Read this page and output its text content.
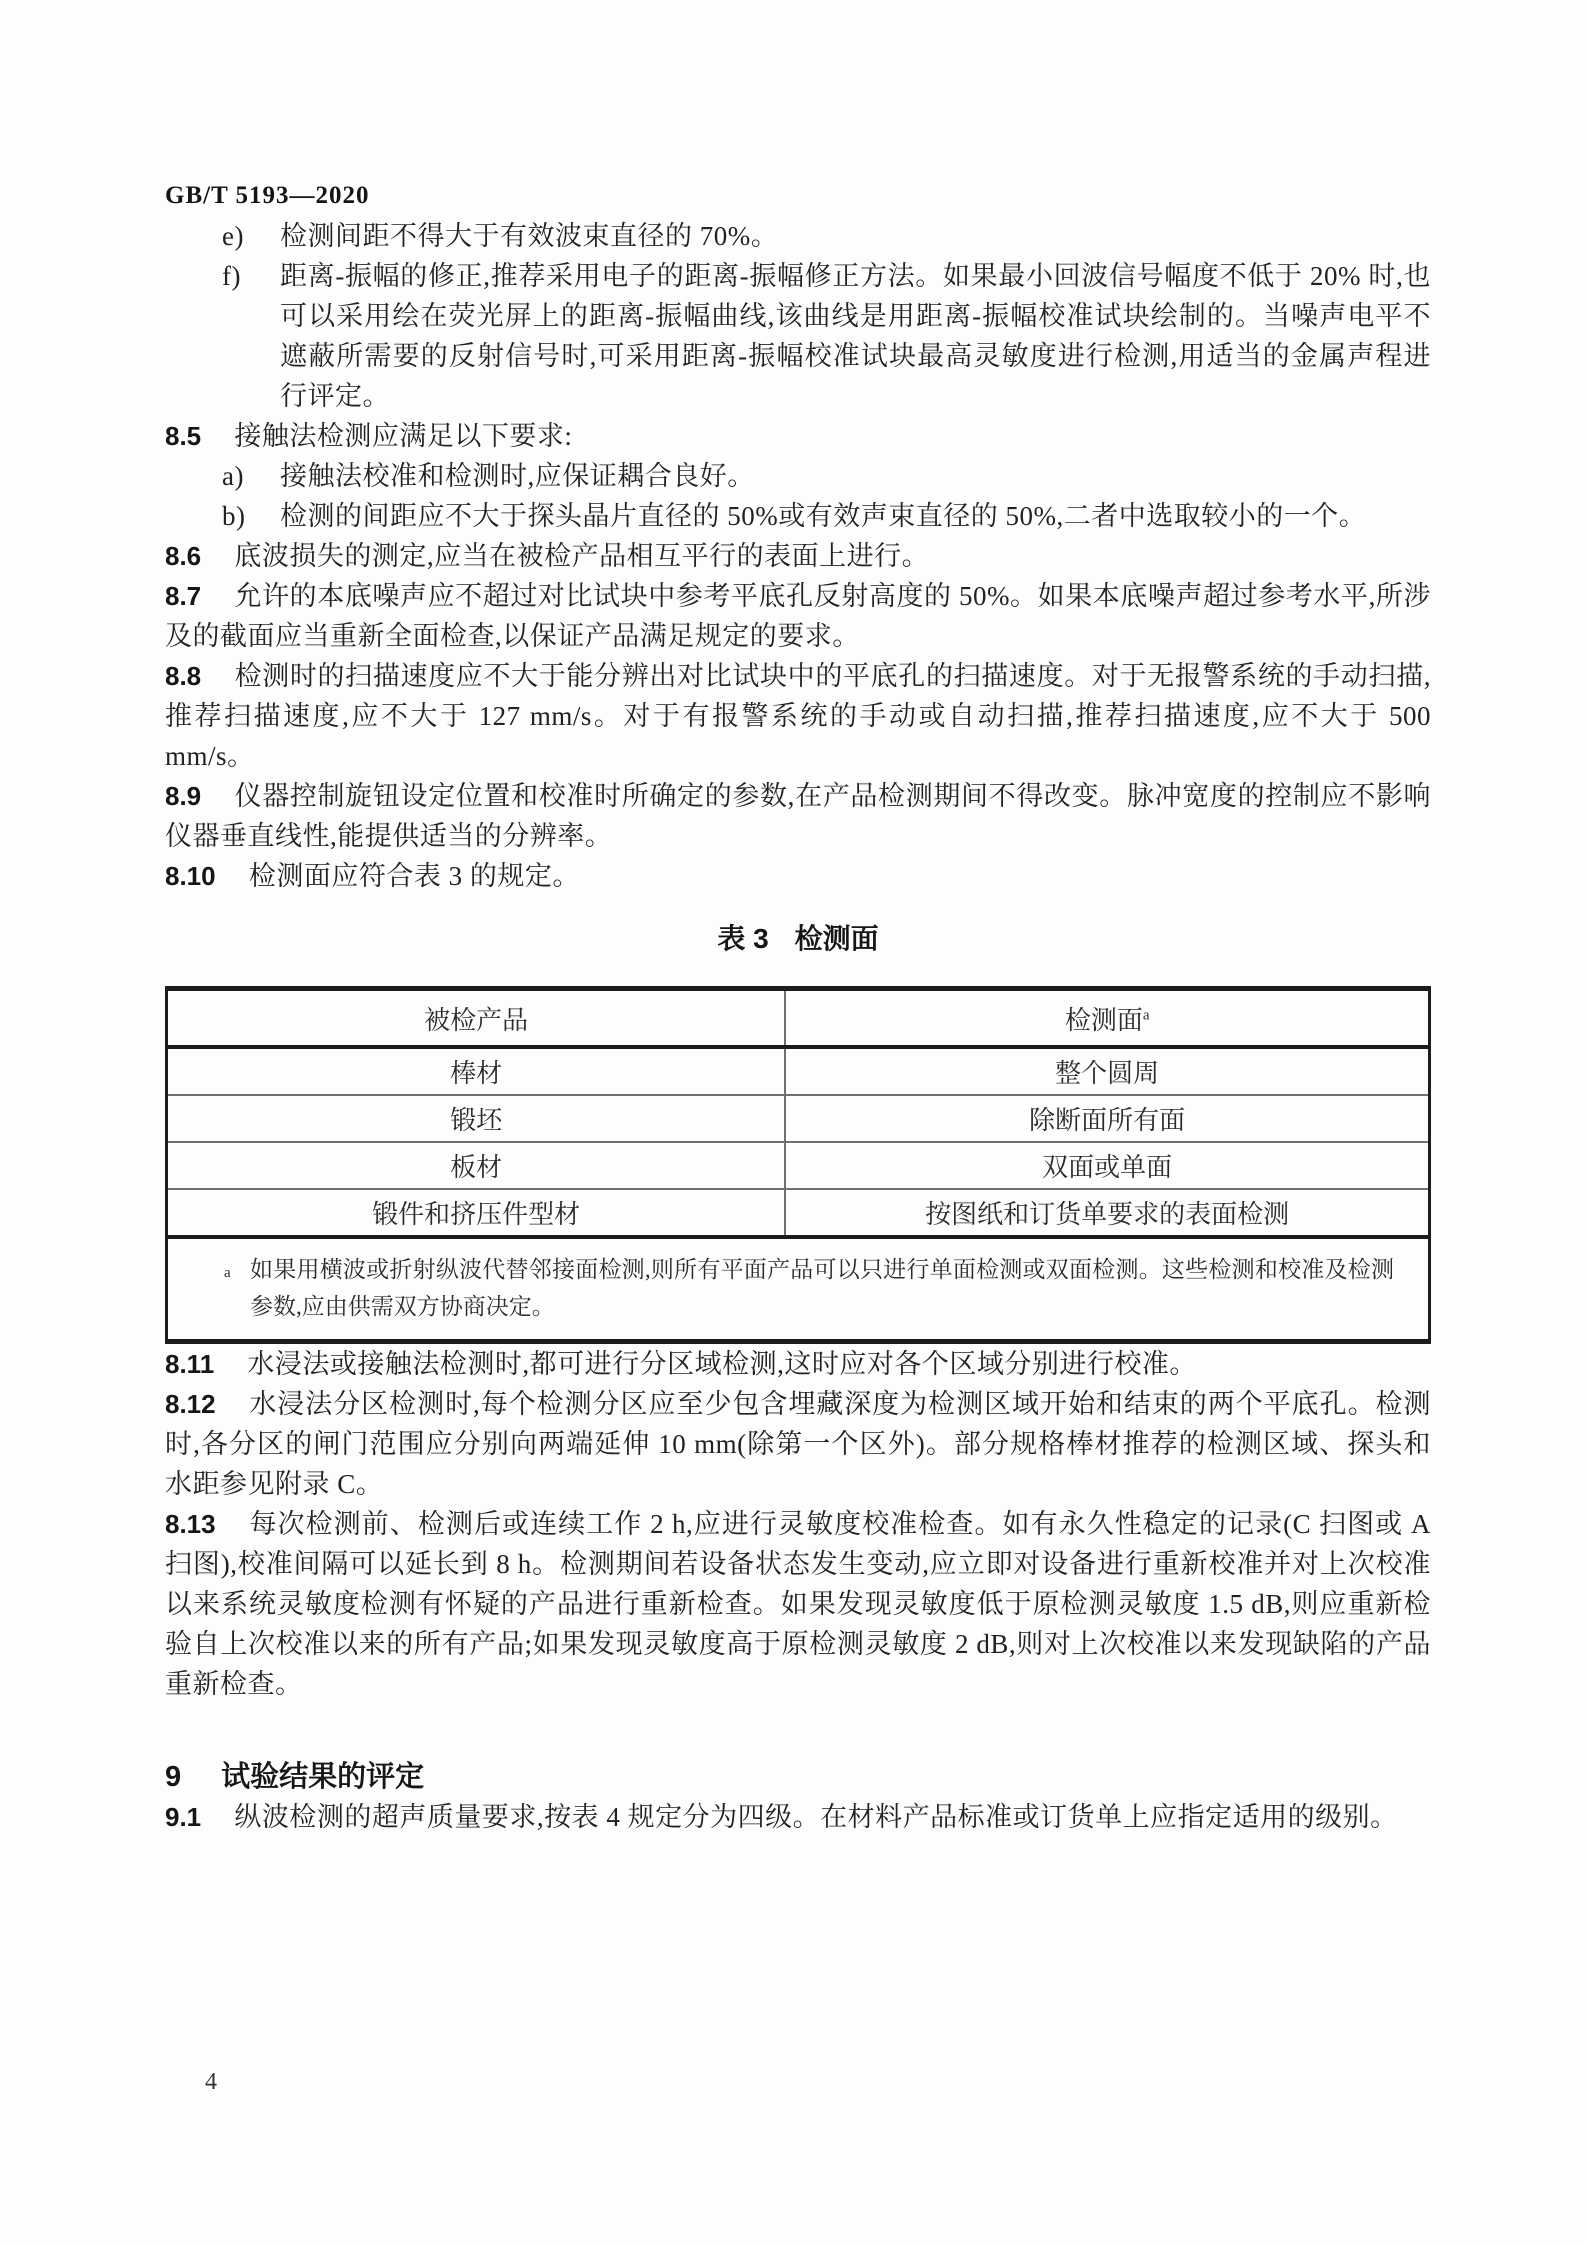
GB/T 5193—2020

e) 检测间距不得大于有效波束直径的 70%。

f) 距离-振幅的修正,推荐采用电子的距离-振幅修正方法。如果最小回波信号幅度不低于 20% 时,也可以采用绘在荧光屏上的距离-振幅曲线,该曲线是用距离-振幅校准试块绘制的。当噪声电平不遮蔽所需要的反射信号时,可采用距离-振幅校准试块最高灵敏度进行检测,用适当的金属声程进行评定。

8.5 接触法检测应满足以下要求:

a) 接触法校准和检测时,应保证耦合良好。

b) 检测的间距应不大于探头晶片直径的 50%或有效声束直径的 50%,二者中选取较小的一个。

8.6 底波损失的测定,应当在被检产品相互平行的表面上进行。

8.7 允许的本底噪声应不超过对比试块中参考平底孔反射高度的 50%。如果本底噪声超过参考水平,所涉及的截面应当重新全面检查,以保证产品满足规定的要求。

8.8 检测时的扫描速度应不大于能分辨出对比试块中的平底孔的扫描速度。对于无报警系统的手动扫描,推荐扫描速度,应不大于 127 mm/s。对于有报警系统的手动或自动扫描,推荐扫描速度,应不大于 500 mm/s。

8.9 仪器控制旋钮设定位置和校准时所确定的参数,在产品检测期间不得改变。脉冲宽度的控制应不影响仪器垂直线性,能提供适当的分辨率。

8.10 检测面应符合表 3 的规定。

表 3 检测面

被检产品	检测面$^a$
棒材	整个圆周
锻坯	除断面所有面
板材	双面或单面
锻件和挤压件型材	按图纸和订货单要求的表面检测

a 如果用横波或折射纵波代替邻接面检测,则所有平面产品可以只进行单面检测或双面检测。这些检测和校准及检测参数,应由供需双方协商决定。	

8.11 水浸法或接触法检测时,都可进行分区域检测,这时应对各个区域分别进行校准。

8.12 水浸法分区检测时,每个检测分区应至少包含埋藏深度为检测区域开始和结束的两个平底孔。检测时,各分区的闸门范围应分别向两端延伸 10 mm(除第一个区外)。部分规格棒材推荐的检测区域、探头和水距参见附录 C。

8.13 每次检测前、检测后或连续工作 2 h,应进行灵敏度校准检查。如有永久性稳定的记录(C 扫图或 A 扫图),校准间隔可以延长到 8 h。检测期间若设备状态发生变动,应立即对设备进行重新校准并对上次校准以来系统灵敏度检测有怀疑的产品进行重新检查。如果发现灵敏度低于原检测灵敏度 1.5 dB,则应重新检验自上次校准以来的所有产品;如果发现灵敏度高于原检测灵敏度 2 dB,则对上次校准以来发现缺陷的产品重新检查。

9 试验结果的评定

9.1 纵波检测的超声质量要求,按表 4 规定分为四级。在材料产品标准或订货单上应指定适用的级别。

4
